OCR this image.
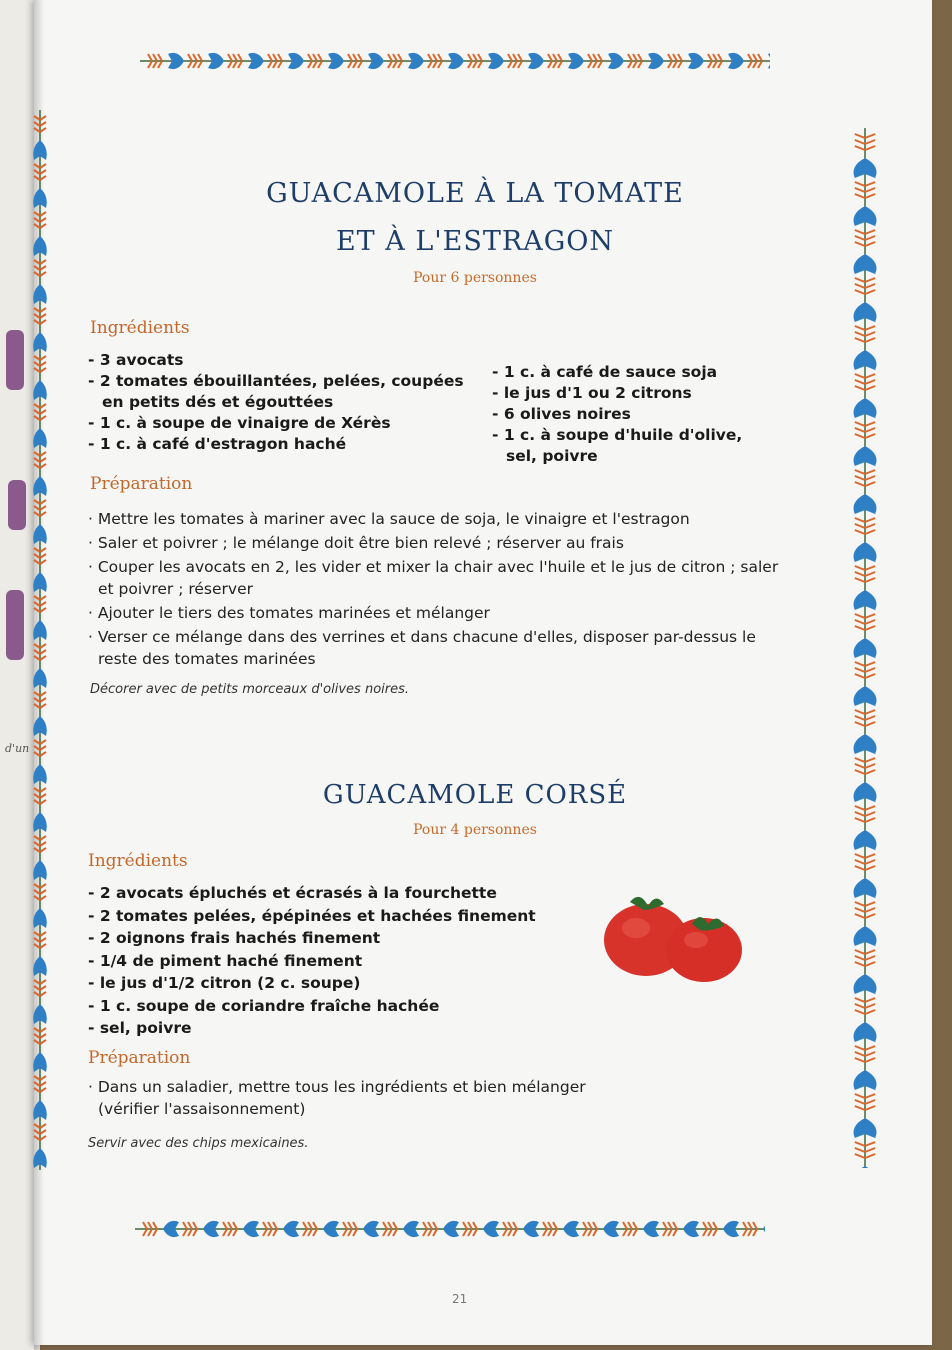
d'un
GUACAMOLE À LA TOMATE
ET À L'ESTRAGON
Pour 6 personnes
Ingrédients
- 3 avocats
- 2 tomates ébouillantées, pelées, coupées en petits dés et égouttées
- 1 c. à soupe de vinaigre de Xérès
- 1 c. à café d'estragon haché
- 1 c. à café de sauce soja
- le jus d'1 ou 2 citrons
- 6 olives noires
- 1 c. à soupe d'huile d'olive, sel, poivre
Préparation
· Mettre les tomates à mariner avec la sauce de soja, le vinaigre et l'estragon
· Saler et poivrer ; le mélange doit être bien relevé ; réserver au frais
· Couper les avocats en 2, les vider et mixer la chair avec l'huile et le jus de citron ; saler et poivrer ; réserver
· Ajouter le tiers des tomates marinées et mélanger
· Verser ce mélange dans des verrines et dans chacune d'elles, disposer par-dessus le reste des tomates marinées
Décorer avec de petits morceaux d'olives noires.
GUACAMOLE CORSÉ
Pour 4 personnes
Ingrédients
- 2 avocats épluchés et écrasés à la fourchette
- 2 tomates pelées, épépinées et hachées finement
- 2 oignons frais hachés finement
- 1/4 de piment haché finement
- le jus d'1/2 citron (2 c. soupe)
- 1 c. soupe de coriandre fraîche hachée
- sel, poivre
Préparation
· Dans un saladier, mettre tous les ingrédients et bien mélanger (vérifier l'assaisonnement)
Servir avec des chips mexicaines.
21
